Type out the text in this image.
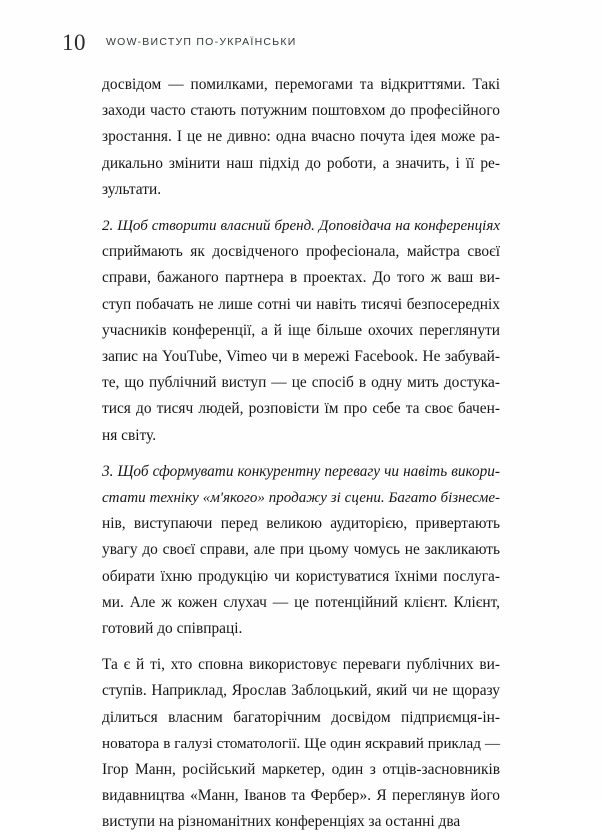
10	WOW-ВИСТУП ПО-УКРАЇНСЬКИ

досвідом — помилками, перемогами та відкриттями. Такі
заходи часто стають потужним поштовхом до професійного
зростання. І це не дивно: одна вчасно почута ідея може ра-
дикально змінити наш підхід до роботи, а значить, і її ре-
зультати.

2. Щоб створити власний бренд. Доповідача на конференціях
сприймають як досвідченого професіонала, майстра своєї
справи, бажаного партнера в проектах. До того ж ваш ви-
ступ побачать не лише сотні чи навіть тисячі безпосередніх
учасників конференції, а й іще більше охочих переглянути
запис на YouTube, Vimeo чи в мережі Facebook. Не забувай-
те, що публічний виступ — це спосіб в одну мить достука-
тися до тисяч людей, розповісти їм про себе та своє бачен-
ня світу.

3. Щоб сформувати конкурентну перевагу чи навіть викори-
стати техніку «м'якого» продажу зі сцени. Багато бізнесме-
нів, виступаючи перед великою аудиторією, привертають
увагу до своєї справи, але при цьому чомусь не закликають
обирати їхню продукцію чи користуватися їхніми послуга-
ми. Але ж кожен слухач — це потенційний клієнт. Клієнт,
готовий до співпраці.

Та є й ті, хто сповна використовує переваги публічних ви-
ступів. Наприклад, Ярослав Заблоцький, який чи не щоразу
ділиться власним багаторічним досвідом підприємця-ін-
новатора в галузі стоматології. Ще один яскравий приклад —
Ігор Манн, російський маркетер, один з отців-засновників
видавництва «Манн, Іванов та Фербер». Я переглянув його
виступи на різноманітних конференціях за останні два
